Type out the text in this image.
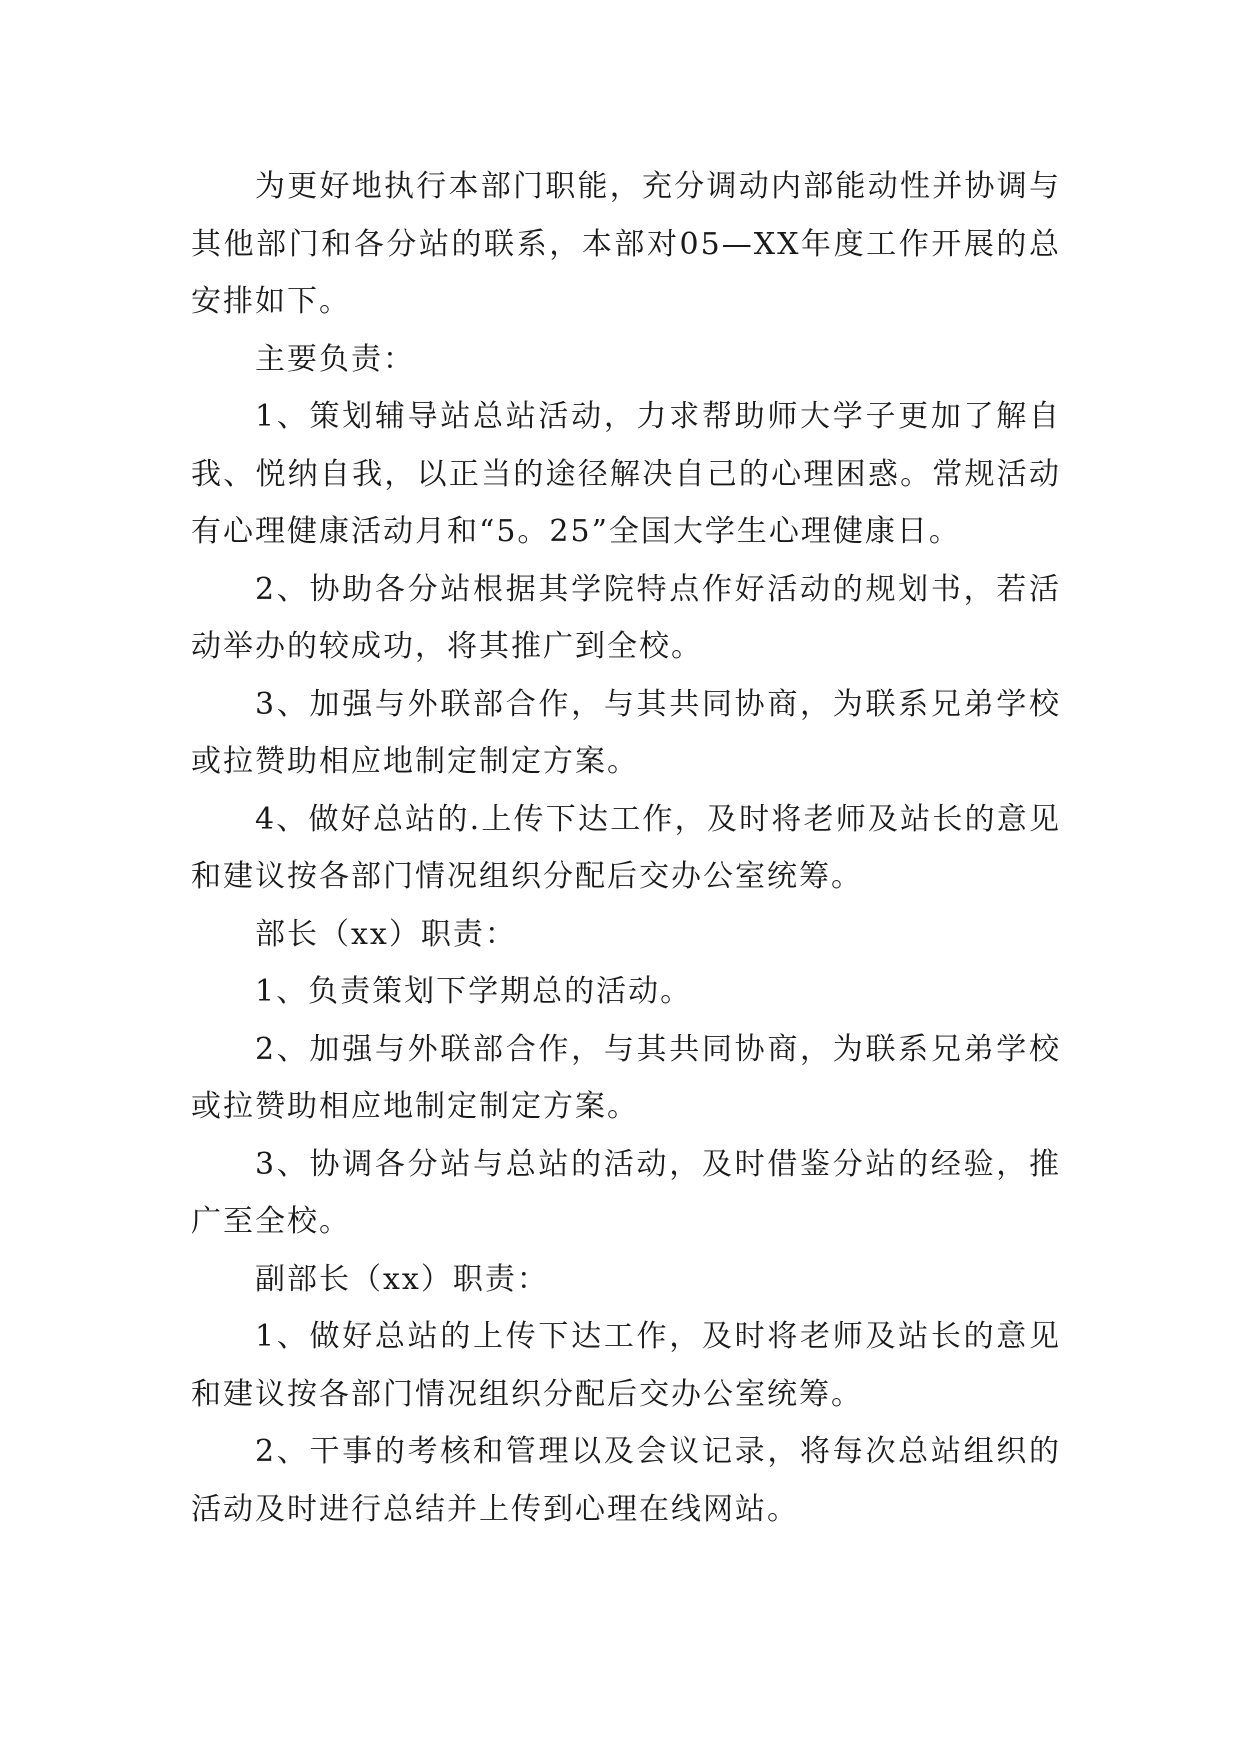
为更好地执行本部门职能，充分调动内部能动性并协调与其他部门和各分站的联系，本部对05—XX年度工作开展的总安排如下。

主要负责：

1、策划辅导站总站活动，力求帮助师大学子更加了解自我、悦纳自我，以正当的途径解决自己的心理困惑。常规活动有心理健康活动月和“5。25”全国大学生心理健康日。

2、协助各分站根据其学院特点作好活动的规划书，若活动举办的较成功，将其推广到全校。

3、加强与外联部合作，与其共同协商，为联系兄弟学校或拉赞助相应地制定制定方案。

4、做好总站的.上传下达工作，及时将老师及站长的意见和建议按各部门情况组织分配后交办公室统筹。

部长（xx）职责：

1、负责策划下学期总的活动。

2、加强与外联部合作，与其共同协商，为联系兄弟学校或拉赞助相应地制定制定方案。

3、协调各分站与总站的活动，及时借鉴分站的经验，推广至全校。

副部长（xx）职责：

1、做好总站的上传下达工作，及时将老师及站长的意见和建议按各部门情况组织分配后交办公室统筹。

2、干事的考核和管理以及会议记录，将每次总站组织的活动及时进行总结并上传到心理在线网站。
